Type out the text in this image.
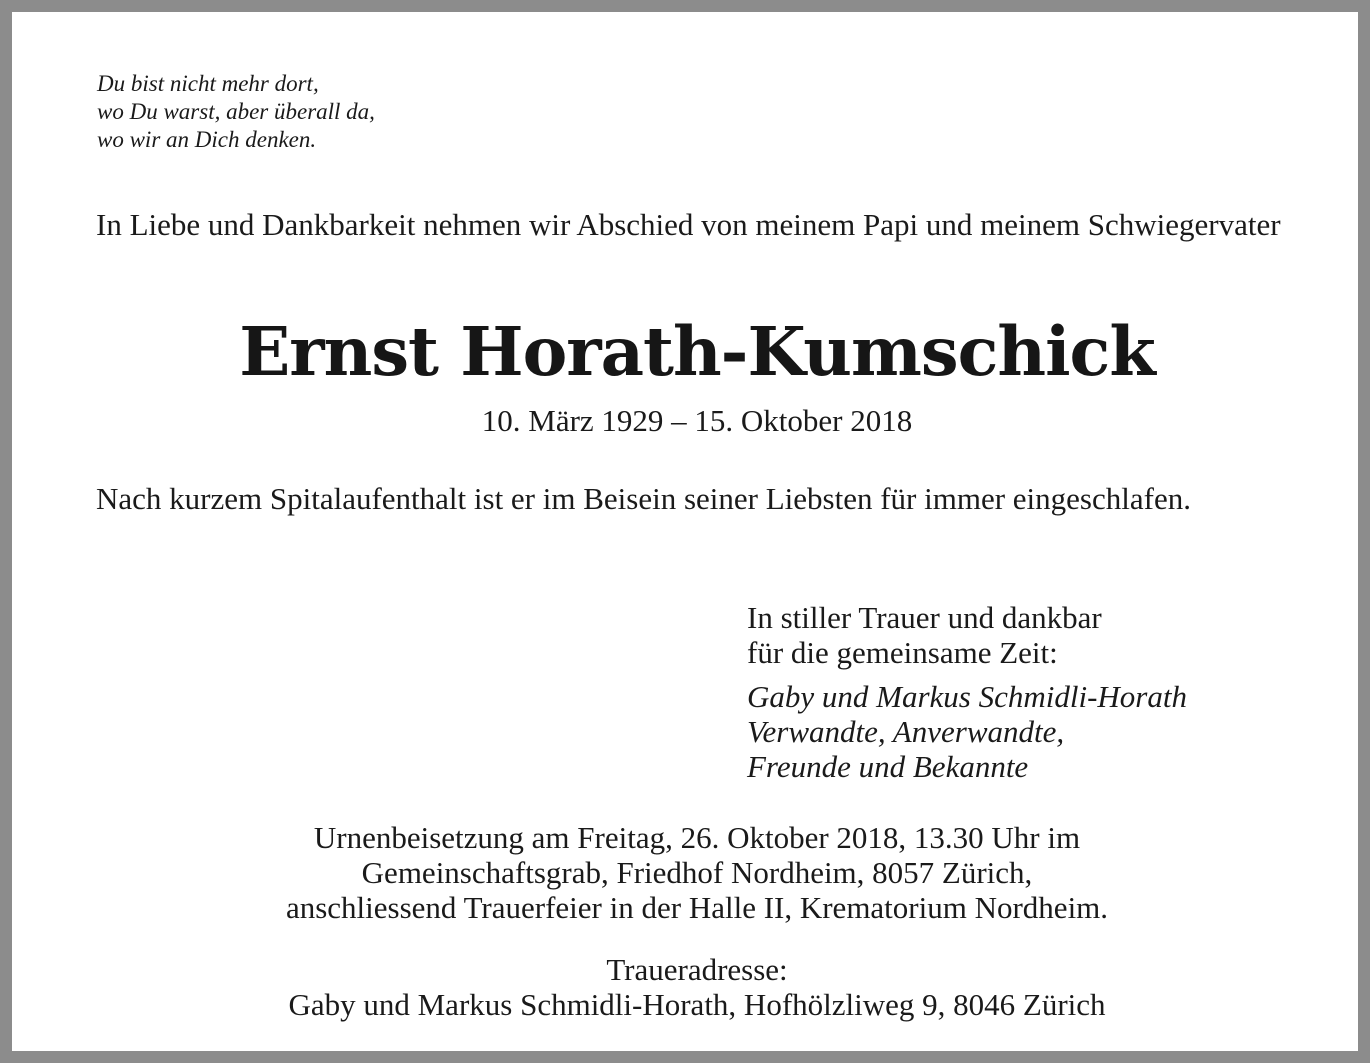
Du bist nicht mehr dort,
wo Du warst, aber überall da,
wo wir an Dich denken.
In Liebe und Dankbarkeit nehmen wir Abschied von meinem Papi und meinem Schwiegervater
Ernst Horath-Kumschick
10. März 1929 – 15. Oktober 2018
Nach kurzem Spitalaufenthalt ist er im Beisein seiner Liebsten für immer eingeschlafen.
In stiller Trauer und dankbar
für die gemeinsame Zeit:
Gaby und Markus Schmidli-Horath
Verwandte, Anverwandte,
Freunde und Bekannte
Urnenbeisetzung am Freitag, 26. Oktober 2018, 13.30 Uhr im
Gemeinschaftsgrab, Friedhof Nordheim, 8057 Zürich,
anschliessend Trauerfeier in der Halle II, Krematorium Nordheim.
Traueradresse:
Gaby und Markus Schmidli-Horath, Hofhölzliweg 9, 8046 Zürich
